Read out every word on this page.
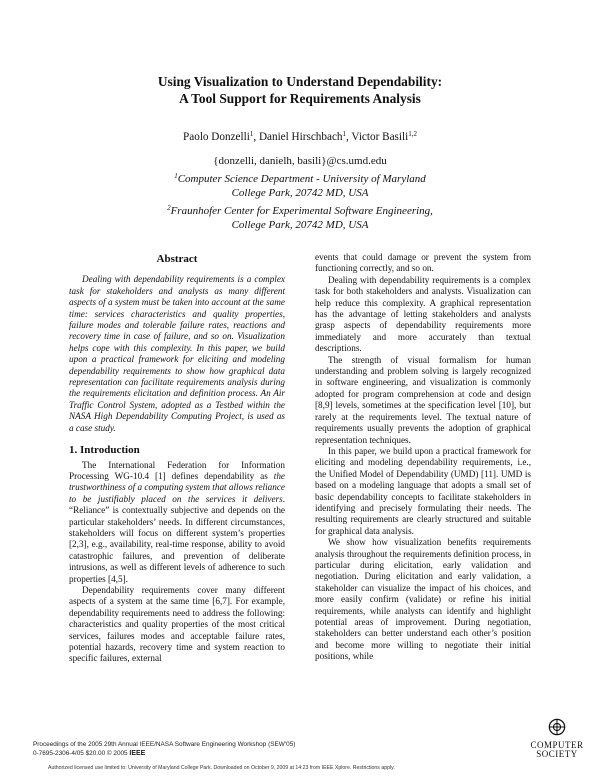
Using Visualization to Understand Dependability:
A Tool Support for Requirements Analysis
Paolo Donzelli$^1$, Daniel Hirschbach$^1$, Victor Basili$^{1,2}$
{donzelli, danielh, basili}@cs.umd.edu
$^1$Computer Science Department - University of Maryland
College Park, 20742 MD, USA
$^2$Fraunhofer Center for Experimental Software Engineering,
College Park, 20742 MD, USA
Abstract

Dealing with dependability requirements is a complex task for stakeholders and analysts as many different aspects of a system must be taken into account at the same time: services characteristics and quality properties, failure modes and tolerable failure rates, reactions and recovery time in case of failure, and so on. Visualization helps cope with this complexity. In this paper, we build upon a practical framework for eliciting and modeling dependability requirements to show how graphical data representation can facilitate requirements analysis during the requirements elicitation and definition process. An Air Traffic Control System, adopted as a Testbed within the NASA High Dependability Computing Project, is used as a case study.

1. Introduction

The International Federation for Information Processing WG-10.4 [1] defines dependability as the trustworthiness of a computing system that allows reliance to be justifiably placed on the services it delivers. “Reliance” is contextually subjective and depends on the particular stakeholders’ needs. In different circumstances, stakeholders will focus on different system’s properties [2,3], e.g., availability, real-time response, ability to avoid catastrophic failures, and prevention of deliberate intrusions, as well as different levels of adherence to such properties [4,5].

Dependability requirements cover many different aspects of a system at the same time [6,7]. For example, dependability requirements need to address the following: characteristics and quality properties of the most critical services, failures modes and acceptable failure rates, potential hazards, recovery time and system reaction to specific failures, external

events that could damage or prevent the system from functioning correctly, and so on.

Dealing with dependability requirements is a complex task for both stakeholders and analysts. Visualization can help reduce this complexity. A graphical representation has the advantage of letting stakeholders and analysts grasp aspects of dependability requirements more immediately and more accurately than textual descriptions.

The strength of visual formalism for human understanding and problem solving is largely recognized in software engineering, and visualization is commonly adopted for program comprehension at code and design [8,9] levels, sometimes at the specification level [10], but rarely at the requirements level. The textual nature of requirements usually prevents the adoption of graphical representation techniques.

In this paper, we build upon a practical framework for eliciting and modeling dependability requirements, i.e., the Unified Model of Dependability (UMD) [11]. UMD is based on a modeling language that adopts a small set of basic dependability concepts to facilitate stakeholders in identifying and precisely formulating their needs. The resulting requirements are clearly structured and suitable for graphical data analysis.

We show how visualization benefits requirements analysis throughout the requirements definition process, in particular during elicitation, early validation and negotiation. During elicitation and early validation, a stakeholder can visualize the impact of his choices, and more easily confirm (validate) or refine his initial requirements, while analysts can identify and highlight potential areas of improvement. During negotiation, stakeholders can better understand each other’s position and become more willing to negotiate their initial positions, while

Proceedings of the 2005 29th Annual IEEE/NASA Software Engineering Workshop (SEW’05)
0-7695-2306-4/05 $20.00 © 2005 IEEE
Authorized licensed use limited to: University of Maryland College Park. Downloaded on October 9, 2009 at 14:23 from IEEE Xplore. Restrictions apply.
COMPUTER
SOCIETY
